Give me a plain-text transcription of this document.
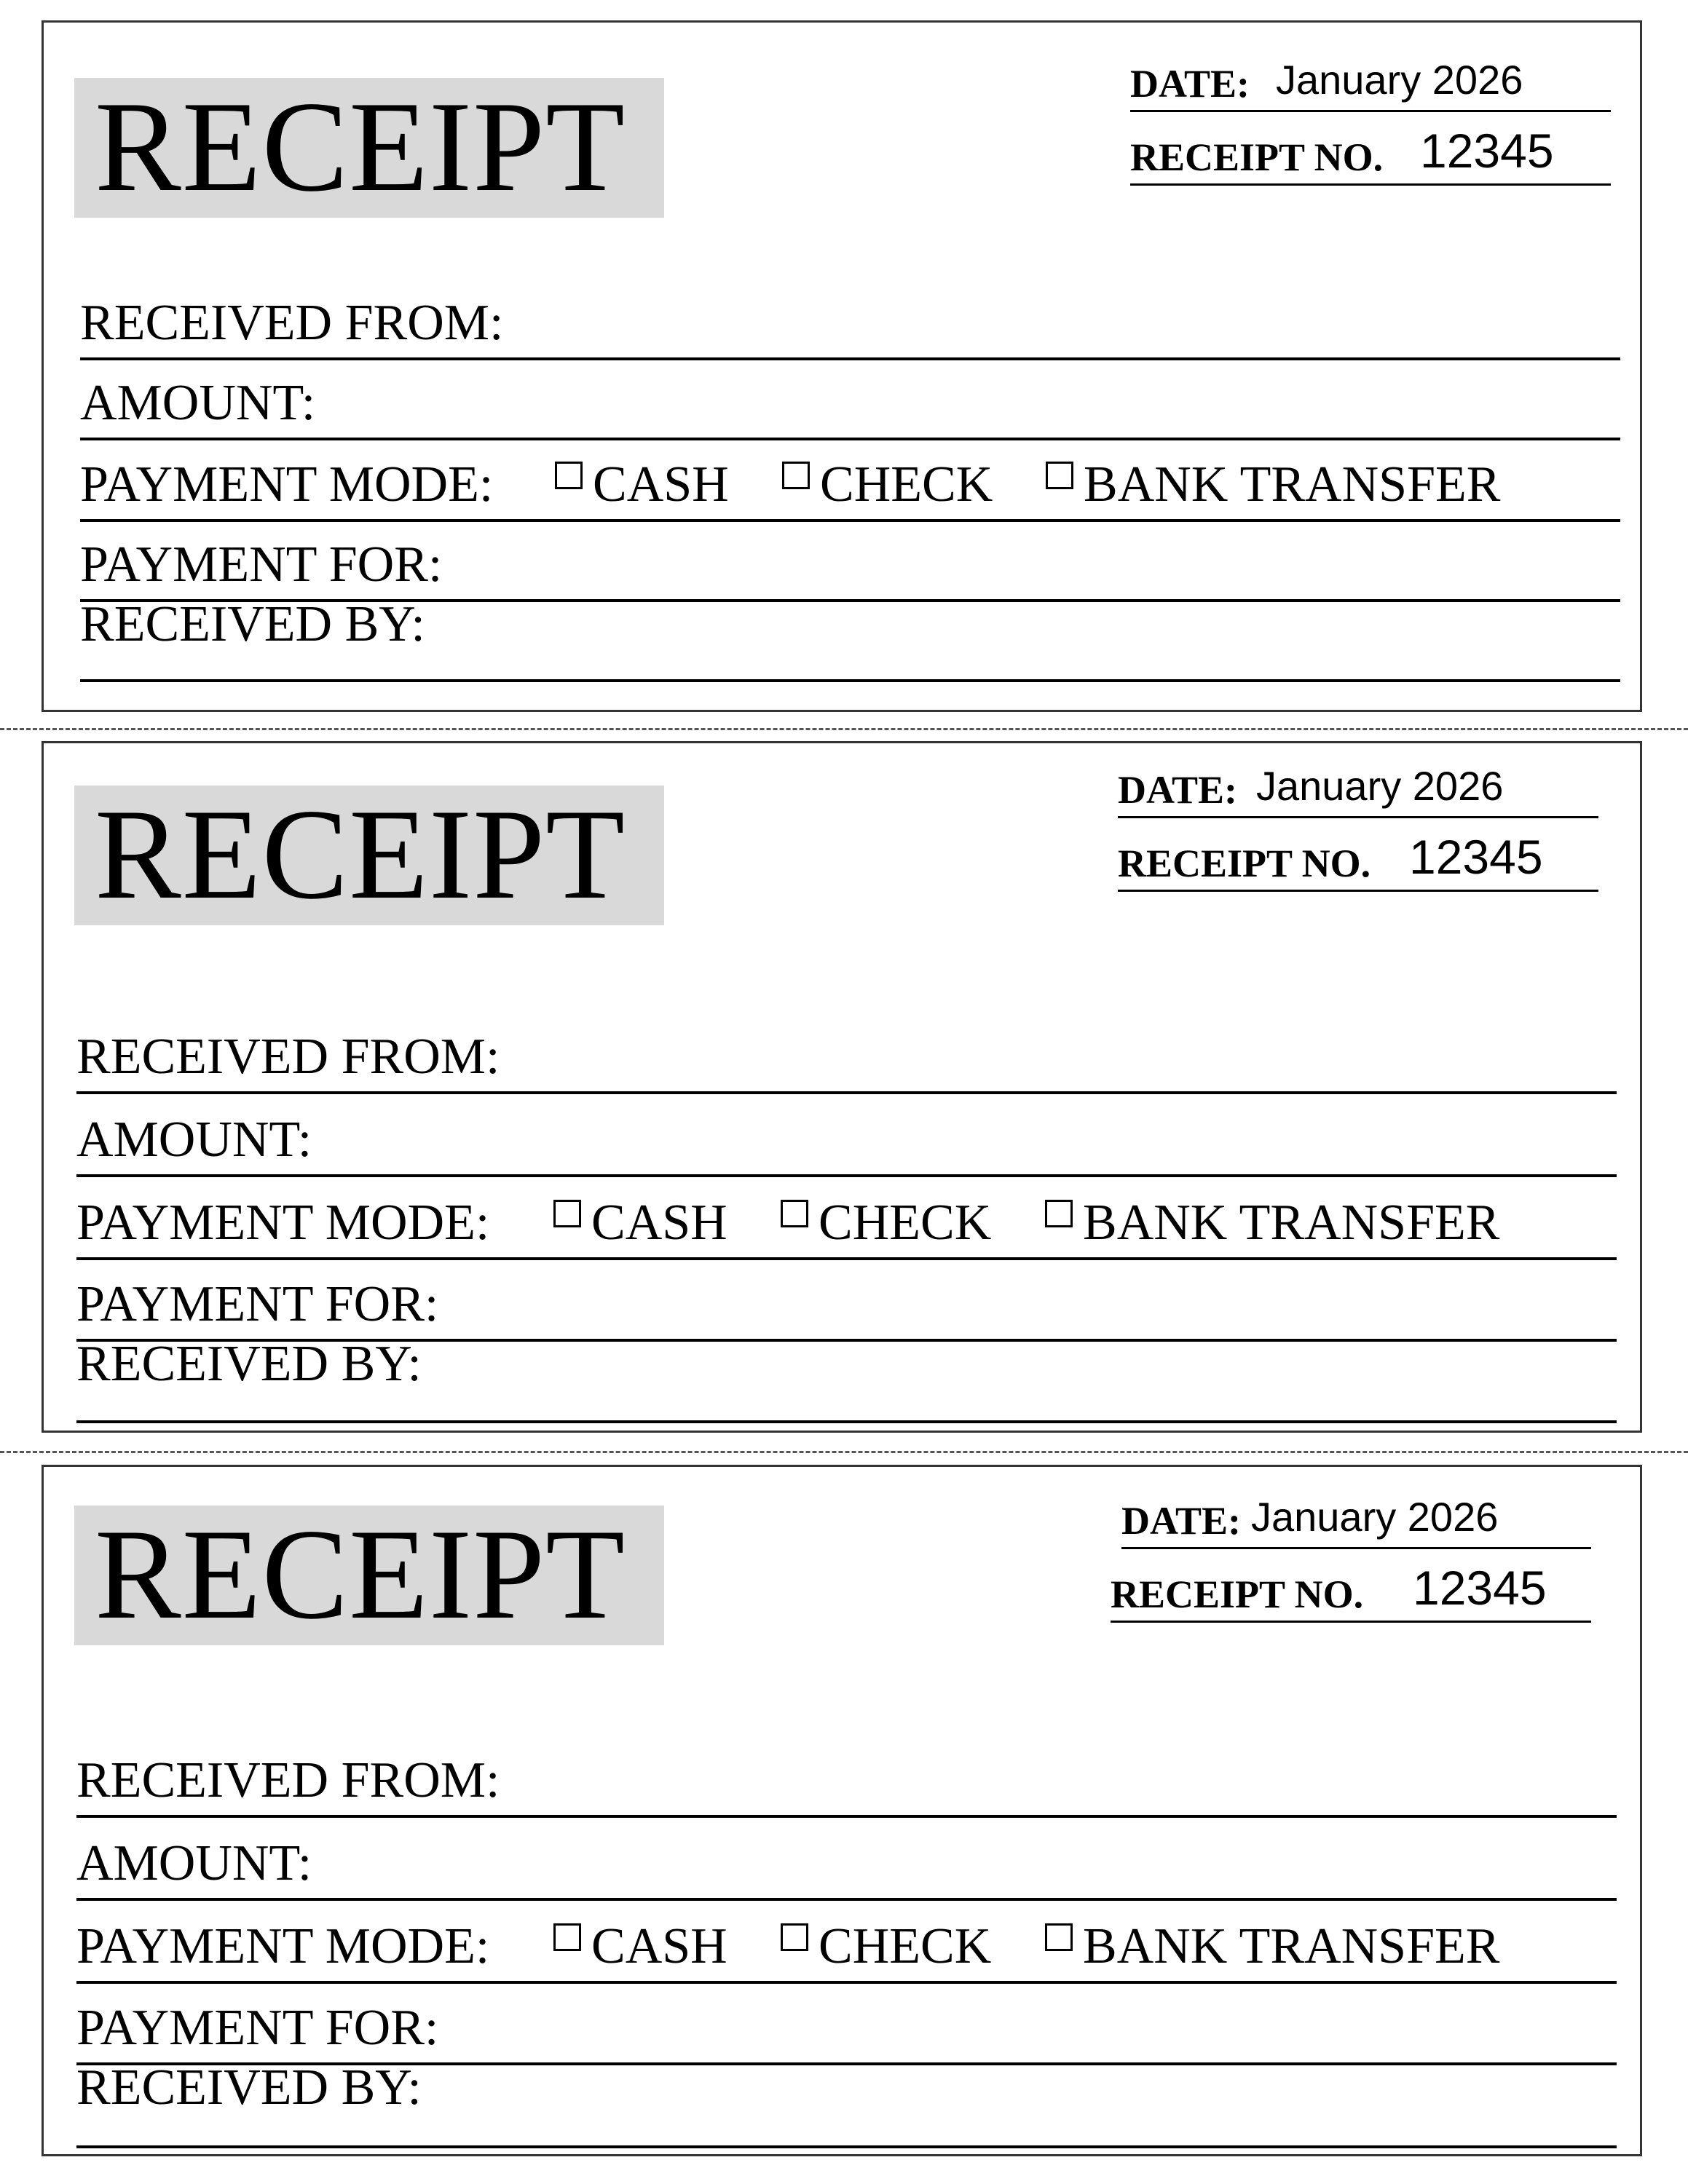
RECEIPT	DATE: January 2026
RECEIPT NO. 12345
RECEIVED FROM:
AMOUNT:
PAYMENT MODE:	CASH	CHECK	BANK TRANSFER
PAYMENT FOR:
RECEIVED BY:
RECEIPT	DATE: January 2026
RECEIPT NO. 12345
RECEIVED FROM:
AMOUNT:
PAYMENT MODE:	CASH	CHECK	BANK TRANSFER
PAYMENT FOR:
RECEIVED BY:
RECEIPT	DATE: January 2026
RECEIPT NO. 12345
RECEIVED FROM:
AMOUNT:
PAYMENT MODE:	CASH	CHECK	BANK TRANSFER
PAYMENT FOR:
RECEIVED BY:
